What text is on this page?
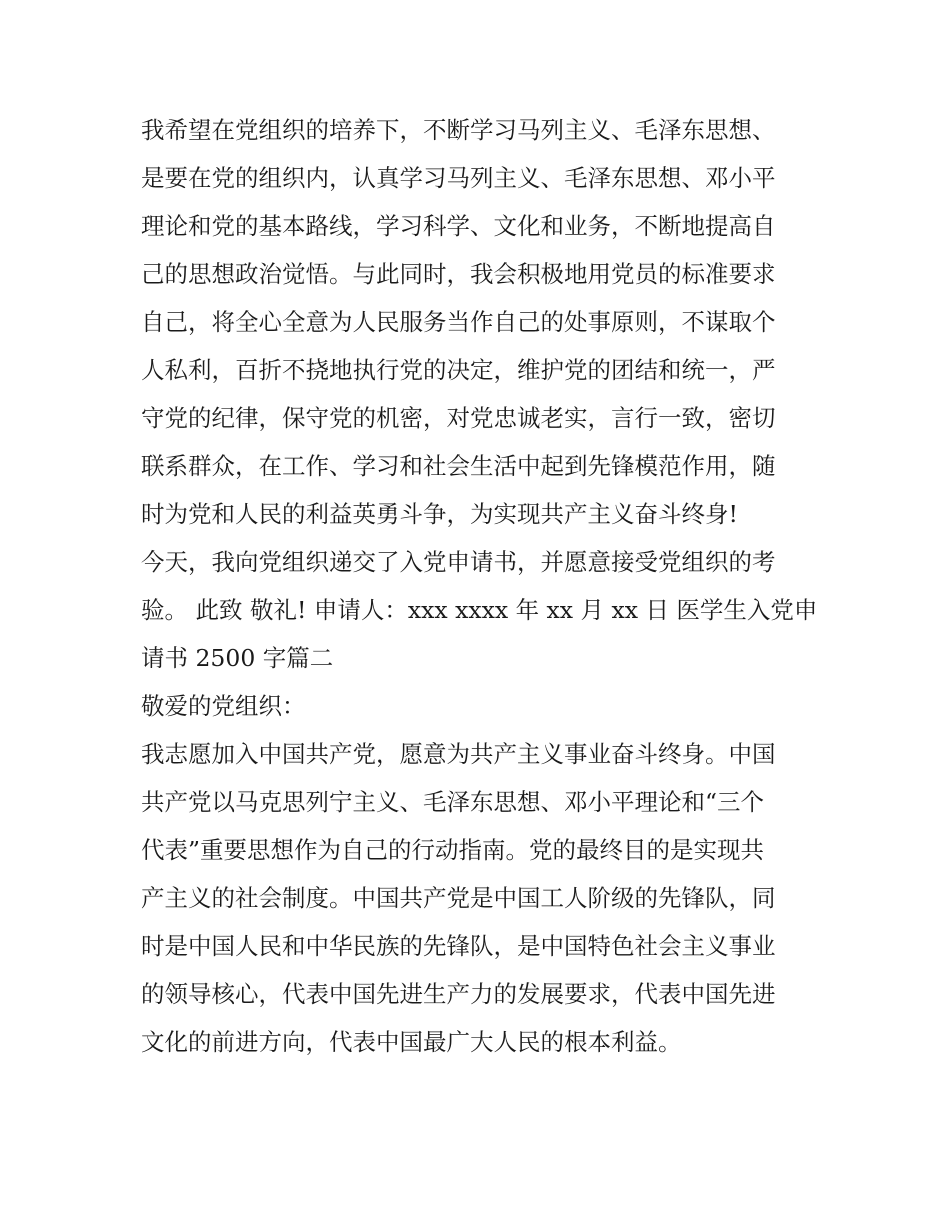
我希望在党组织的培养下，不断学习马列主义、毛泽东思想、
是要在党的组织内，认真学习马列主义、毛泽东思想、邓小平
理论和党的基本路线，学习科学、文化和业务，不断地提高自
己的思想政治觉悟。与此同时，我会积极地用党员的标准要求
自己，将全心全意为人民服务当作自己的处事原则，不谋取个
人私利，百折不挠地执行党的决定，维护党的团结和统一，严
守党的纪律，保守党的机密，对党忠诚老实，言行一致，密切
联系群众，在工作、学习和社会生活中起到先锋模范作用，随
时为党和人民的利益英勇斗争，为实现共产主义奋斗终身!
今天，我向党组织递交了入党申请书，并愿意接受党组织的考
验。 此致 敬礼! 申请人：xxx xxxx 年 xx 月 xx 日 医学生入党申
请书 2500 字篇二
敬爱的党组织：
我志愿加入中国共产党，愿意为共产主义事业奋斗终身。中国
共产党以马克思列宁主义、毛泽东思想、邓小平理论和“三个
代表”重要思想作为自己的行动指南。党的最终目的是实现共
产主义的社会制度。中国共产党是中国工人阶级的先锋队，同
时是中国人民和中华民族的先锋队，是中国特色社会主义事业
的领导核心，代表中国先进生产力的发展要求，代表中国先进
文化的前进方向，代表中国最广大人民的根本利益。
